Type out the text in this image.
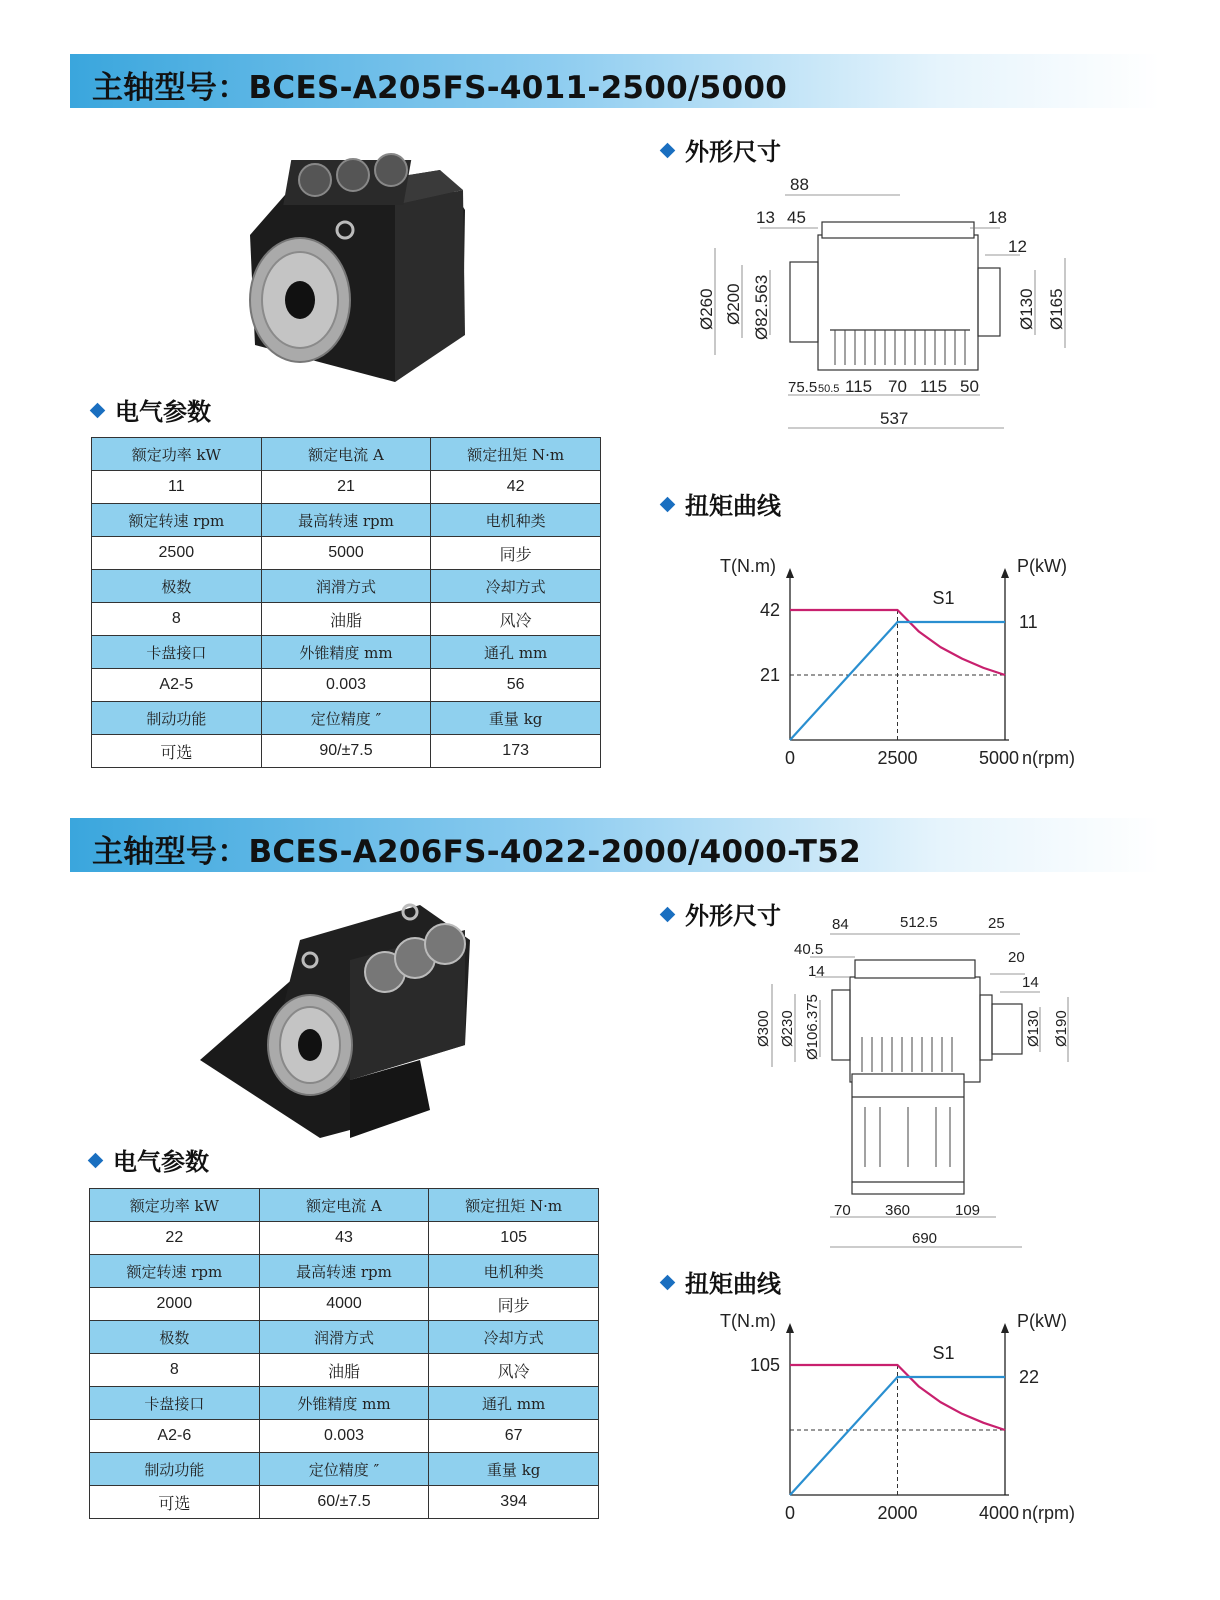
主轴型号：BCES-A205FS-4011-2500/5000
电气参数
额定功率 kW	额定电流 A	额定扭矩 N·m
11	21	42
额定转速 rpm	最高转速 rpm	电机种类
2500	5000	同步
极数	润滑方式	冷却方式
8	油脂	风冷
卡盘接口	外锥精度 mm	通孔 mm
A2-5	0.003	56
制动功能	定位精度 ″	重量 kg
可选	90/±7.5	173
外形尺寸
88
13 45	18
12
Ø260 Ø200 Ø82.563	Ø130 Ø165
75.5 50.5 115 70 115 50
537
扭矩曲线
T(N.m)	P(kW)
0	2500	5000 n(rpm)
42
21
11
S1
主轴型号：BCES-A206FS-4022-2000/4000-T52
电气参数
额定功率 kW	额定电流 A	额定扭矩 N·m
22	43	105
额定转速 rpm	最高转速 rpm	电机种类
2000	4000	同步
极数	润滑方式	冷却方式
8	油脂	风冷
卡盘接口	外锥精度 mm	通孔 mm
A2-6	0.003	67
制动功能	定位精度 ″	重量 kg
可选	60/±7.5	394
外形尺寸	84	512.5	25
40.5
14
20
14
Ø300 Ø230 Ø106.375	Ø130 Ø190
70 360	109
690
扭矩曲线
T(N.m)	P(kW)
0	2000	4000 n(rpm)
105
22
S1
